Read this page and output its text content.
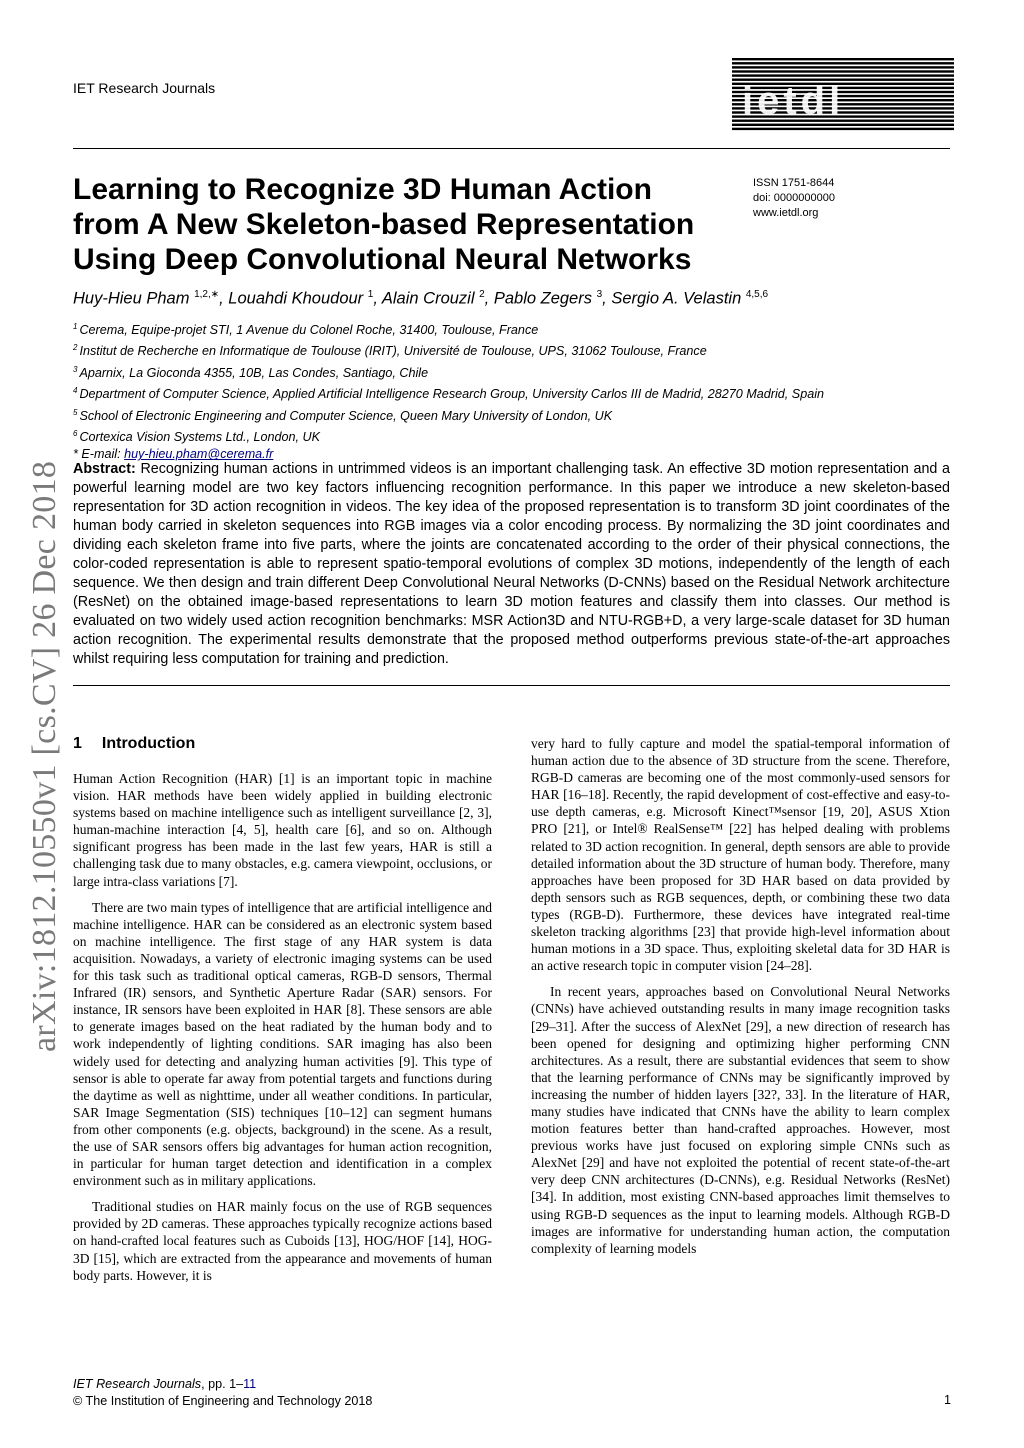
IET Research Journals	ietdl
Learning to Recognize 3D Human Action from A New Skeleton-based Representation Using Deep Convolutional Neural Networks
ISSN 1751-8644
doi: 0000000000
www.ietdl.org
Huy-Hieu Pham $^{1,2,∗}$, Louahdi Khoudour $^1$, Alain Crouzil $^2$, Pablo Zegers $^3$, Sergio A. Velastin $^{4,5,6}$
$^1$ Cerema, Equipe-projet STI, 1 Avenue du Colonel Roche, 31400, Toulouse, France
$^2$ Institut de Recherche en Informatique de Toulouse (IRIT), Université de Toulouse, UPS, 31062 Toulouse, France
$^3$ Aparnix, La Gioconda 4355, 10B, Las Condes, Santiago, Chile
$^4$ Department of Computer Science, Applied Artificial Intelligence Research Group, University Carlos III de Madrid, 28270 Madrid, Spain
$^5$ School of Electronic Engineering and Computer Science, Queen Mary University of London, UK
$^6$ Cortexica Vision Systems Ltd., London, UK
* E-mail: huy-hieu.pham@cerema.fr
arXiv:1812.10550v1 [cs.CV] 26 Dec 2018 Abstract: Recognizing human actions in untrimmed videos is an important challenging task. An effective 3D motion representation and a powerful learning model are two key factors influencing recognition performance. In this paper we introduce a new skeleton-based representation for 3D action recognition in videos. The key idea of the proposed representation is to transform 3D joint coordinates of the human body carried in skeleton sequences into RGB images via a color encoding process. By normalizing the 3D joint coordinates and dividing each skeleton frame into five parts, where the joints are concatenated according to the order of their physical connections, the color-coded representation is able to represent spatio-temporal evolutions of complex 3D motions, independently of the length of each sequence. We then design and train different Deep Convolutional Neural Networks (D-CNNs) based on the Residual Network architecture (ResNet) on the obtained image-based representations to learn 3D motion features and classify them into classes. Our method is evaluated on two widely used action recognition benchmarks: MSR Action3D and NTU-RGB+D, a very large-scale dataset for 3D human action recognition. The experimental results demonstrate that the proposed method outperforms previous state-of-the-art approaches whilst requiring less computation for training and prediction.
1 Introduction

Human Action Recognition (HAR) [1] is an important topic in machine vision. HAR methods have been widely applied in building electronic systems based on machine intelligence such as intelligent surveillance [2, 3], human-machine interaction [4, 5], health care [6], and so on. Although significant progress has been made in the last few years, HAR is still a challenging task due to many obstacles, e.g. camera viewpoint, occlusions, or large intra-class variations [7].

There are two main types of intelligence that are artificial intelligence and machine intelligence. HAR can be considered as an electronic system based on machine intelligence. The first stage of any HAR system is data acquisition. Nowadays, a variety of electronic imaging systems can be used for this task such as traditional optical cameras, RGB-D sensors, Thermal Infrared (IR) sensors, and Synthetic Aperture Radar (SAR) sensors. For instance, IR sensors have been exploited in HAR [8]. These sensors are able to generate images based on the heat radiated by the human body and to work independently of lighting conditions. SAR imaging has also been widely used for detecting and analyzing human activities [9]. This type of sensor is able to operate far away from potential targets and functions during the daytime as well as nighttime, under all weather conditions. In particular, SAR Image Segmentation (SIS) techniques [10–12] can segment humans from other components (e.g. objects, background) in the scene. As a result, the use of SAR sensors offers big advantages for human action recognition, in particular for human target detection and identification in a complex environment such as in military applications.

Traditional studies on HAR mainly focus on the use of RGB sequences provided by 2D cameras. These approaches typically recognize actions based on hand-crafted local features such as Cuboids [13], HOG/HOF [14], HOG-3D [15], which are extracted from the appearance and movements of human body parts. However, it is

very hard to fully capture and model the spatial-temporal information of human action due to the absence of 3D structure from the scene. Therefore, RGB-D cameras are becoming one of the most commonly-used sensors for HAR [16–18]. Recently, the rapid development of cost-effective and easy-to-use depth cameras, e.g. Microsoft Kinect™sensor [19, 20], ASUS Xtion PRO [21], or Intel® RealSense™ [22] has helped dealing with problems related to 3D action recognition. In general, depth sensors are able to provide detailed information about the 3D structure of human body. Therefore, many approaches have been proposed for 3D HAR based on data provided by depth sensors such as RGB sequences, depth, or combining these two data types (RGB-D). Furthermore, these devices have integrated real-time skeleton tracking algorithms [23] that provide high-level information about human motions in a 3D space. Thus, exploiting skeletal data for 3D HAR is an active research topic in computer vision [24–28].

In recent years, approaches based on Convolutional Neural Networks (CNNs) have achieved outstanding results in many image recognition tasks [29–31]. After the success of AlexNet [29], a new direction of research has been opened for designing and optimizing higher performing CNN architectures. As a result, there are substantial evidences that seem to show that the learning performance of CNNs may be significantly improved by increasing the number of hidden layers [32?, 33]. In the literature of HAR, many studies have indicated that CNNs have the ability to learn complex motion features better than hand-crafted approaches. However, most previous works have just focused on exploring simple CNNs such as AlexNet [29] and have not exploited the potential of recent state-of-the-art very deep CNN architectures (D-CNNs), e.g. Residual Networks (ResNet) [34]. In addition, most existing CNN-based approaches limit themselves to using RGB-D sequences as the input to learning models. Although RGB-D images are informative for understanding human action, the computation complexity of learning models

IET Research Journals, pp. 1–11
© The Institution of Engineering and Technology 2018	1
